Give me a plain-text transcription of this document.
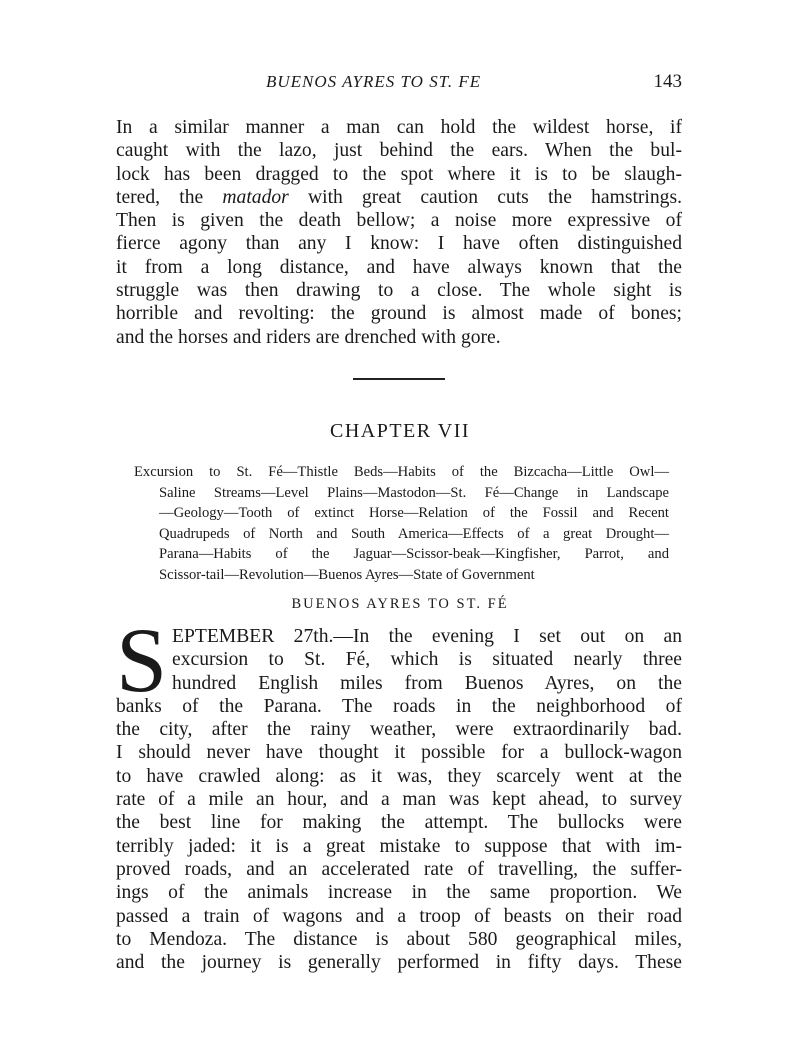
BUENOS AYRES TO ST. FE	143
In a similar manner a man can hold the wildest horse, if
caught with the lazo, just behind the ears. When the bul-
lock has been dragged to the spot where it is to be slaugh-
tered, the matador with great caution cuts the hamstrings.
Then is given the death bellow; a noise more expressive of
fierce agony than any I know: I have often distinguished
it from a long distance, and have always known that the
struggle was then drawing to a close. The whole sight is
horrible and revolting: the ground is almost made of bones;
and the horses and riders are drenched with gore.
CHAPTER VII
Excursion to St. Fé—Thistle Beds—Habits of the Bizcacha—Little Owl—
Saline Streams—Level Plains—Mastodon—St. Fé—Change in Landscape
—Geology—Tooth of extinct Horse—Relation of the Fossil and Recent
Quadrupeds of North and South America—Effects of a great Drought—
Parana—Habits of the Jaguar—Scissor-beak—Kingfisher, Parrot, and
Scissor-tail—Revolution—Buenos Ayres—State of Government
BUENOS AYRES TO ST. FÉ
S EPTEMBER 27th.—In the evening I set out on an
excursion to St. Fé, which is situated nearly three
hundred English miles from Buenos Ayres, on the
banks of the Parana. The roads in the neighborhood of
the city, after the rainy weather, were extraordinarily bad.
I should never have thought it possible for a bullock-wagon
to have crawled along: as it was, they scarcely went at the
rate of a mile an hour, and a man was kept ahead, to survey
the best line for making the attempt. The bullocks were
terribly jaded: it is a great mistake to suppose that with im-
proved roads, and an accelerated rate of travelling, the suffer-
ings of the animals increase in the same proportion. We
passed a train of wagons and a troop of beasts on their road
to Mendoza. The distance is about 580 geographical miles,
and the journey is generally performed in fifty days. These
